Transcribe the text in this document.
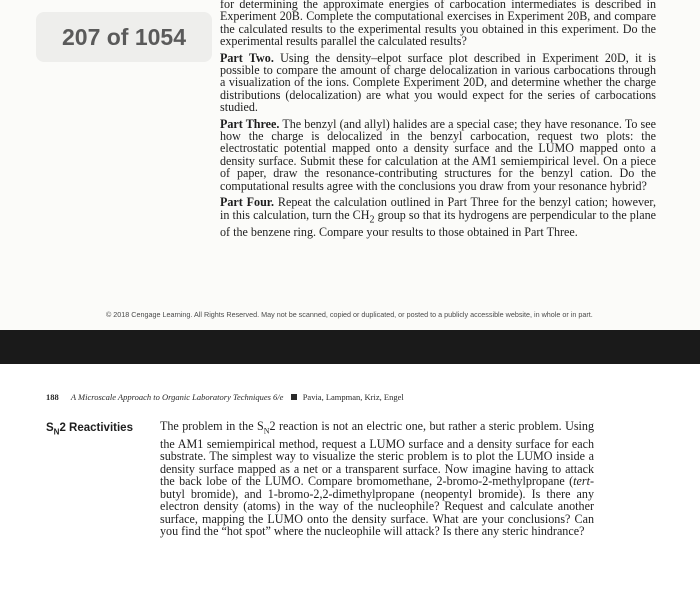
207 of 1054

for determining the approximate energies of carbocation intermediates is described in Experiment 20B. Complete the computational exercises in Experiment 20B, and compare the calculated results to the experimental results you obtained in this experiment. Do the experimental results parallel the calculated results?

Part Two. Using the density–elpot surface plot described in Experiment 20D, it is possible to compare the amount of charge delocalization in various carbocations through a visualization of the ions. Complete Experiment 20D, and determine whether the charge distributions (delocalization) are what you would expect for the series of carbocations studied.

Part Three. The benzyl (and allyl) halides are a special case; they have resonance. To see how the charge is delocalized in the benzyl carbocation, request two plots: the electrostatic potential mapped onto a density surface and the LUMO mapped onto a density surface. Submit these for calculation at the AM1 semiempirical level. On a piece of paper, draw the resonance-contributing structures for the benzyl cation. Do the computational results agree with the conclusions you draw from your resonance hybrid?

Part Four. Repeat the calculation outlined in Part Three for the benzyl cation; however, in this calculation, turn the $CH_2$ group so that its hydrogens are perpendicular to the plane of the benzene ring. Compare your results to those obtained in Part Three.

© 2018 Cengage Learning. All Rights Reserved. May not be scanned, copied or duplicated, or posted to a publicly accessible website, in whole or in part.
188 A Microscale Approach to Organic Laboratory Techniques 6/e Pavia, Lampman, Kriz, Engel
$S_N2$ Reactivities The problem in the $S_N2$ reaction is not an electric one, but rather a steric problem. Using the AM1 semiempirical method, request a LUMO surface and a density surface for each substrate. The simplest way to visualize the steric problem is to plot the LUMO inside a density surface mapped as a net or a transparent surface. Now imagine having to attack the back lobe of the LUMO. Compare bromomethane, 2-bromo-2-methylpropane (tert-butyl bromide), and 1-bromo-2,2-dimethylpropane (neopentyl bromide). Is there any electron density (atoms) in the way of the nucleophile? Request and calculate another surface, mapping the LUMO onto the density surface. What are your conclusions? Can you find the “hot spot” where the nucleophile will attack? Is there any steric hindrance?
